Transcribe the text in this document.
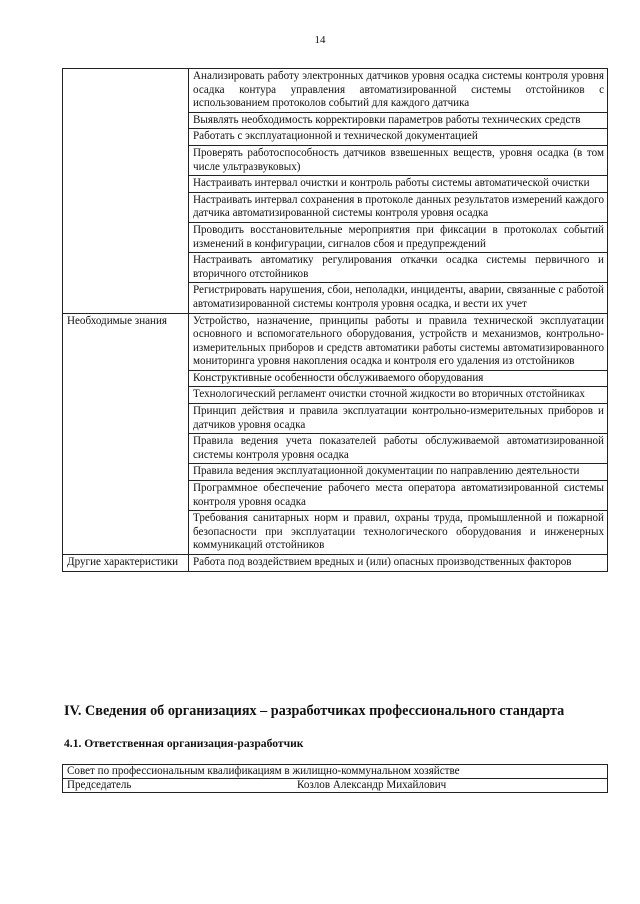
14
	Анализировать работу электронных датчиков уровня осадка системы контроля уровня осадка контура управления автоматизированной системы отстойников с использованием протоколов событий для каждого датчика
	Выявлять необходимость корректировки параметров работы технических средств
	Работать с эксплуатационной и технической документацией
	Проверять работоспособность датчиков взвешенных веществ, уровня осадка (в том числе ультразвуковых)
	Настраивать интервал очистки и контроль работы системы автоматической очистки
	Настраивать интервал сохранения в протоколе данных результатов измерений каждого датчика автоматизированной системы контроля уровня осадка
	Проводить восстановительные мероприятия при фиксации в протоколах событий изменений в конфигурации, сигналов сбоя и предупреждений
	Настраивать автоматику регулирования откачки осадка системы первичного и вторичного отстойников
	Регистрировать нарушения, сбои, неполадки, инциденты, аварии, связанные с работой автоматизированной системы контроля уровня осадка, и вести их учет
Необходимые знания	Устройство, назначение, принципы работы и правила технической эксплуатации основного и вспомогательного оборудования, устройств и механизмов, контрольно-измерительных приборов и средств автоматики работы системы автоматизированного мониторинга уровня накопления осадка и контроля его удаления из отстойников
	Конструктивные особенности обслуживаемого оборудования
	Технологический регламент очистки сточной жидкости во вторичных отстойниках
	Принцип действия и правила эксплуатации контрольно-измерительных приборов и датчиков уровня осадка
	Правила ведения учета показателей работы обслуживаемой автоматизированной системы контроля уровня осадка
	Правила ведения эксплуатационной документации по направлению деятельности
	Программное обеспечение рабочего места оператора автоматизированной системы контроля уровня осадка
	Требования санитарных норм и правил, охраны труда, промышленной и пожарной безопасности при эксплуатации технологического оборудования и инженерных коммуникаций отстойников
Другие характеристики	Работа под воздействием вредных и (или) опасных производственных факторов
IV. Сведения об организациях – разработчиках профессионального стандарта
4.1. Ответственная организация-разработчик
Совет по профессиональным квалификациям в жилищно-коммунальном хозяйстве

Председатель	Козлов Александр Михайлович
